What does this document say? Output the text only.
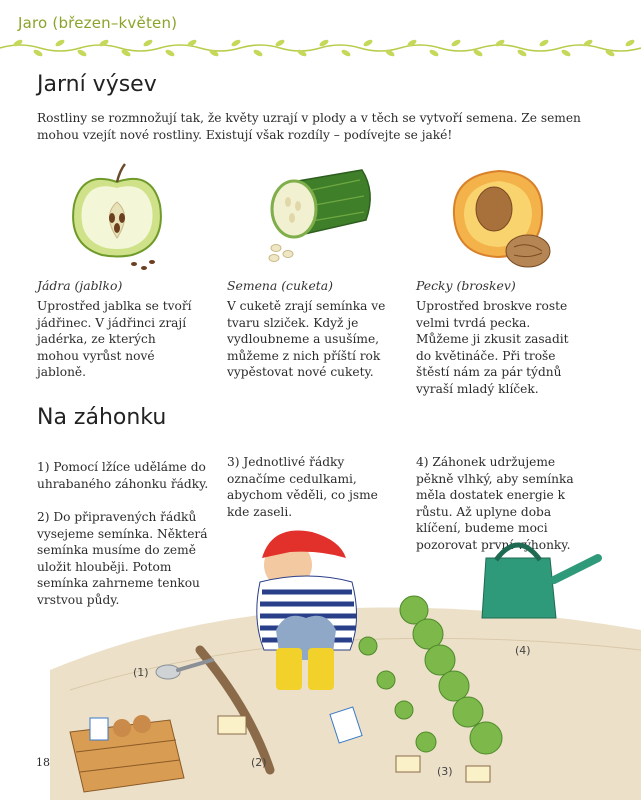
Jaro (březen–květen)
Jarní výsev
Rostliny se rozmnožují tak, že květy uzrají v plody a v těch se vytvoří semena. Ze semen mohou vzejít nové rostliny. Existují však rozdíly – podívejte se jaké!
Jádra (jablko)
Uprostřed jablka se tvoří jádřinec. V jádřinci zrají jadérka, ze kterých mohou vyrůst nové jabloně.
Semena (cuketa)
V cuketě zrají semínka ve tvaru slziček. Když je vydloubneme a usušíme, můžeme z nich příští rok vypěstovat nové cukety.
Pecky (broskev)
Uprostřed broskve roste velmi tvrdá pecka. Můžeme ji zkusit zasadit do květináče. Při troše štěstí nám za pár týdnů vyraší mladý klíček.
Na záhonku
1) Pomocí lžíce uděláme do uhrabaného záhonku řádky.
2) Do připravených řádků vysejeme semínka. Některá semínka musíme do země uložit hlouběji. Potom semínka zahrneme tenkou vrstvou půdy.
3) Jednotlivé řádky označíme cedulkami, abychom věděli, co jsme kde zaseli.
4) Záhonek udržujeme pěkně vlhký, aby semínka měla dostatek energie k růstu. Až uplyne doba klíčení, budeme moci pozorovat první výhonky.
(1)
(2)
(3)
(4)
18
